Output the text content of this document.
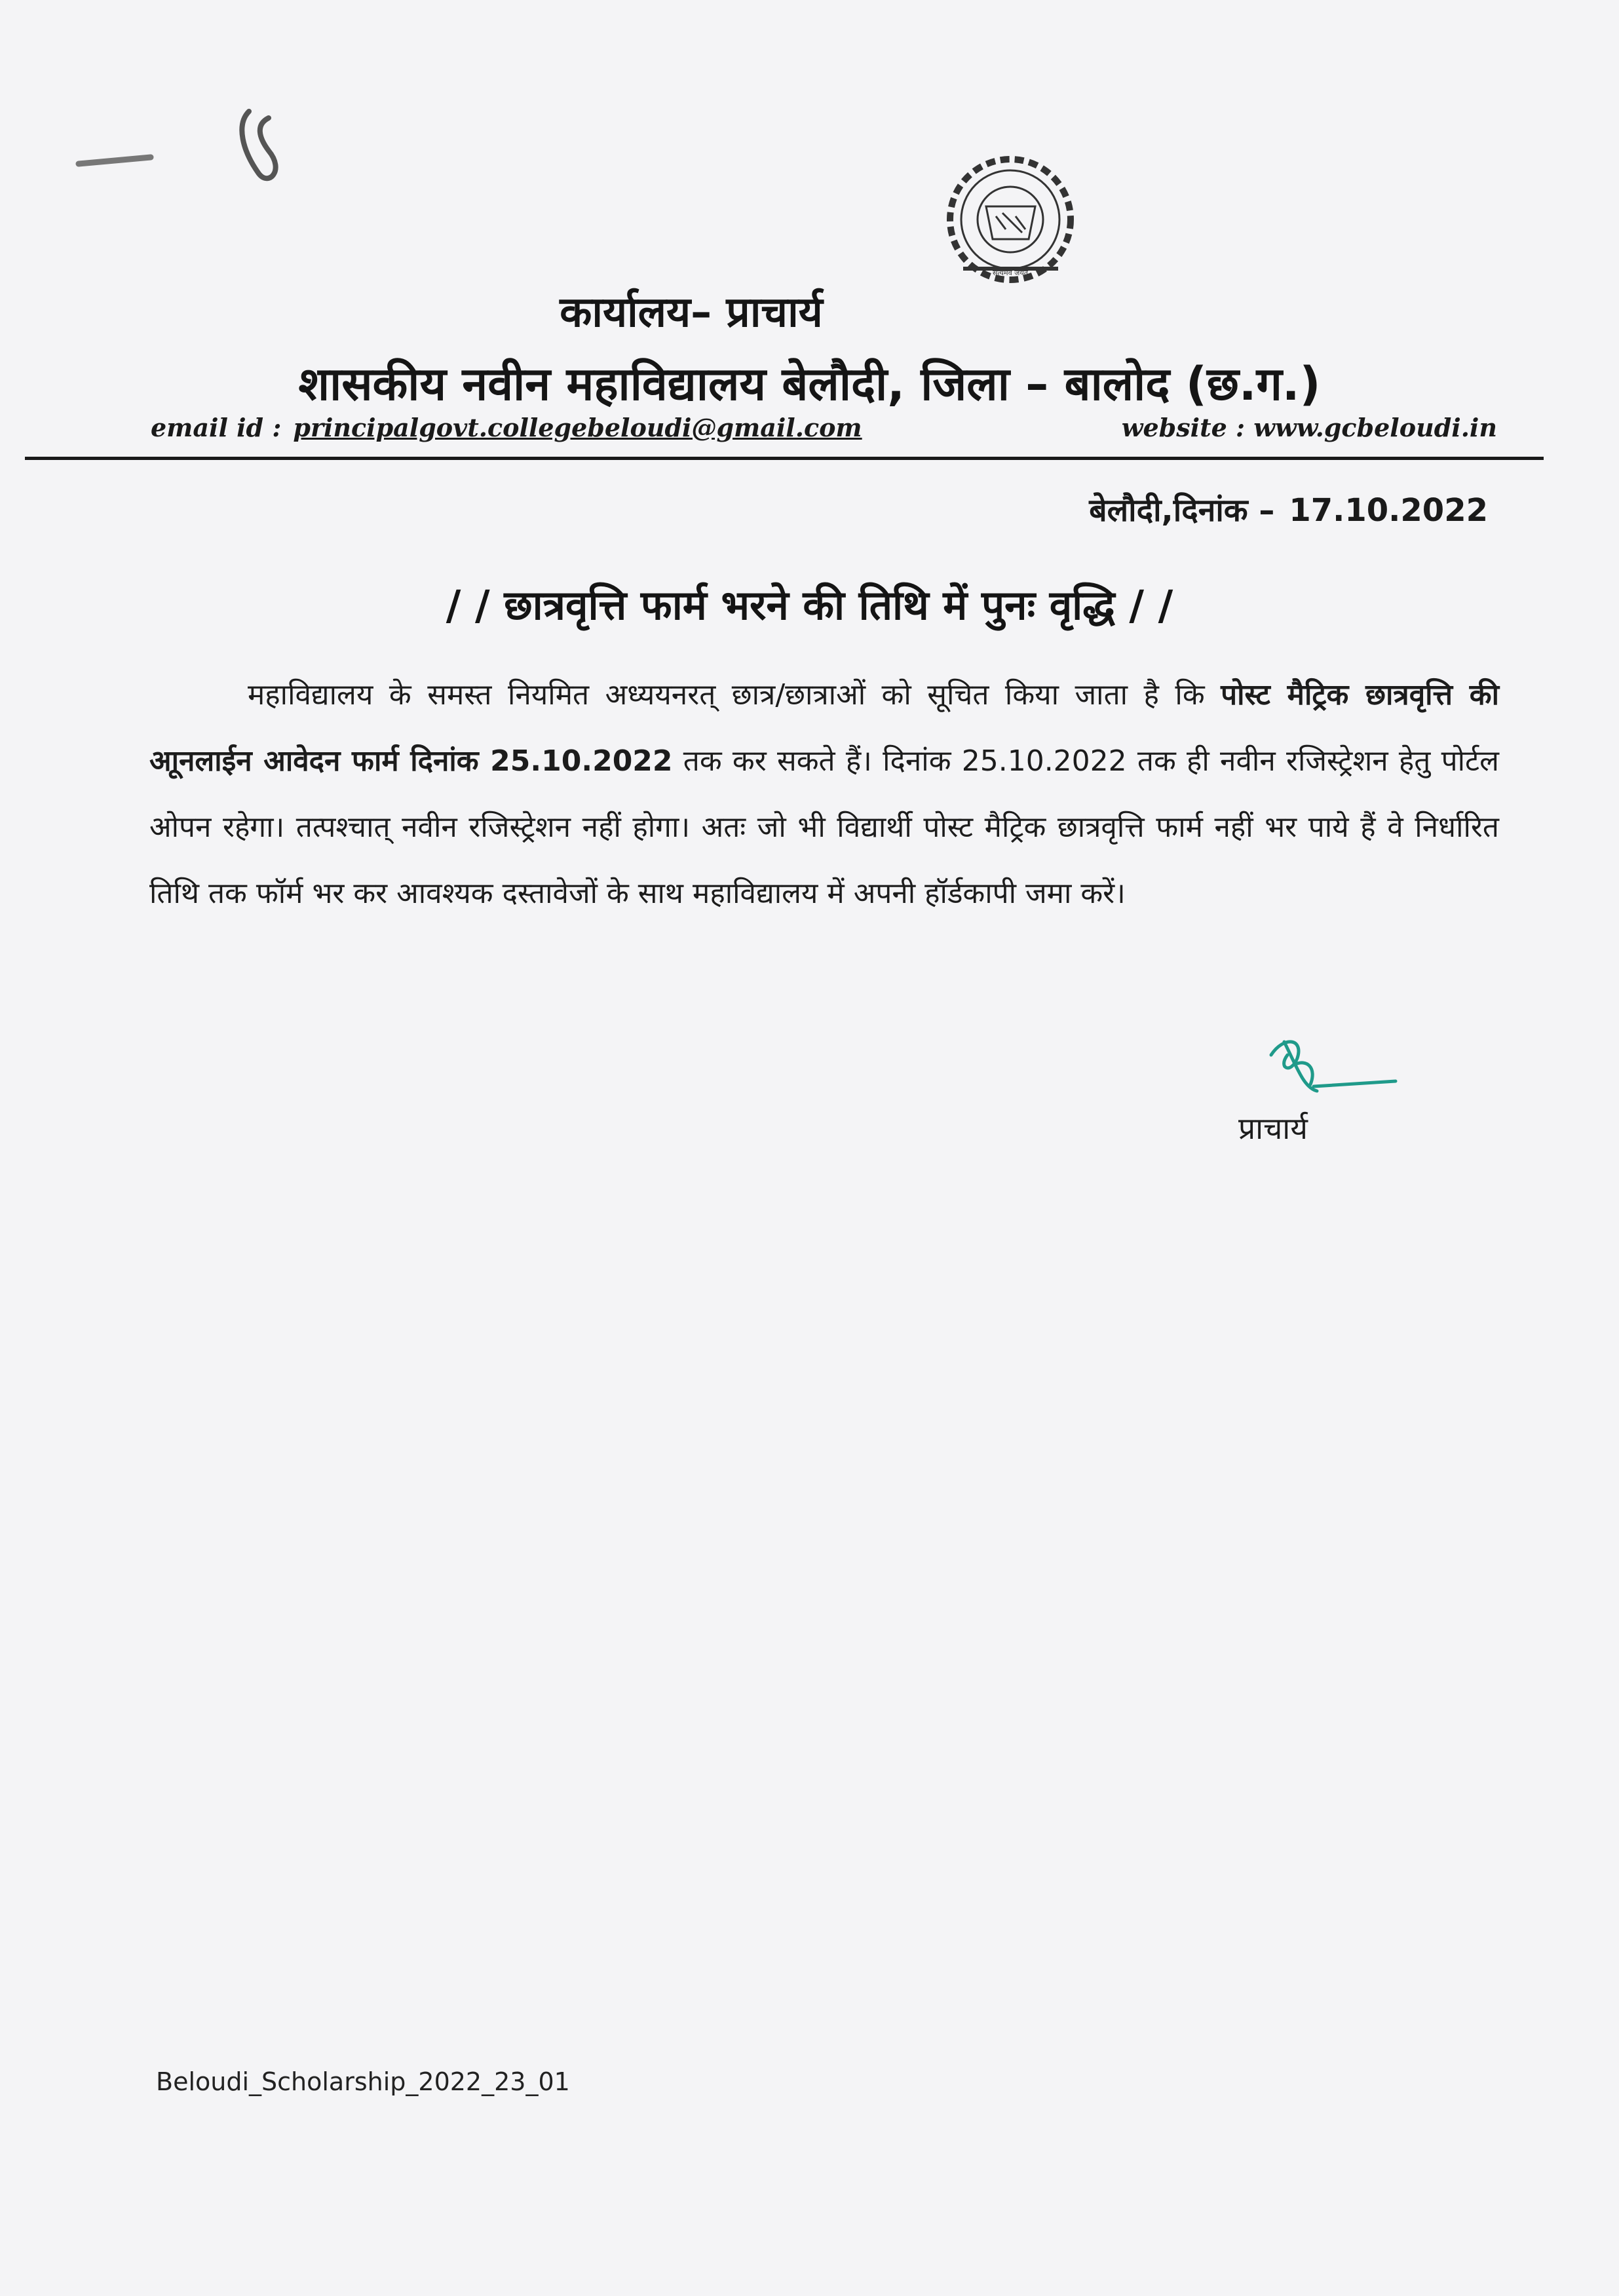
सत्यमेव जयते
कार्यालय– प्राचार्य
शासकीय नवीन महाविद्यालय बेलौदी, जिला – बालोद (छ.ग.)
email id : principalgovt.collegebeloudi@gmail.com	website : www.gcbeloudi.in
बेलौदी,दिनांक – 17.10.2022
/ / छात्रवृत्ति फार्म भरने की तिथि में पुनः वृद्धि / /

महाविद्यालय के समस्त नियमित अध्ययनरत् छात्र/छात्राओं को सूचित किया जाता है कि पोस्ट मैट्रिक छात्रवृत्ति की आूनलाईन आवेदन फार्म दिनांक 25.10.2022 तक कर सकते हैं। दिनांक 25.10.2022 तक ही नवीन रजिस्ट्रेशन हेतु पोर्टल ओपन रहेगा। तत्पश्चात् नवीन रजिस्ट्रेशन नहीं होगा। अतः जो भी विद्यार्थी पोस्ट मैट्रिक छात्रवृत्ति फार्म नहीं भर पाये हैं वे निर्धारित तिथि तक फॉर्म भर कर आवश्यक दस्तावेजों के साथ महाविद्यालय में अपनी हॉर्डकापी जमा करें।

प्राचार्य
Beloudi_Scholarship_2022_23_01
